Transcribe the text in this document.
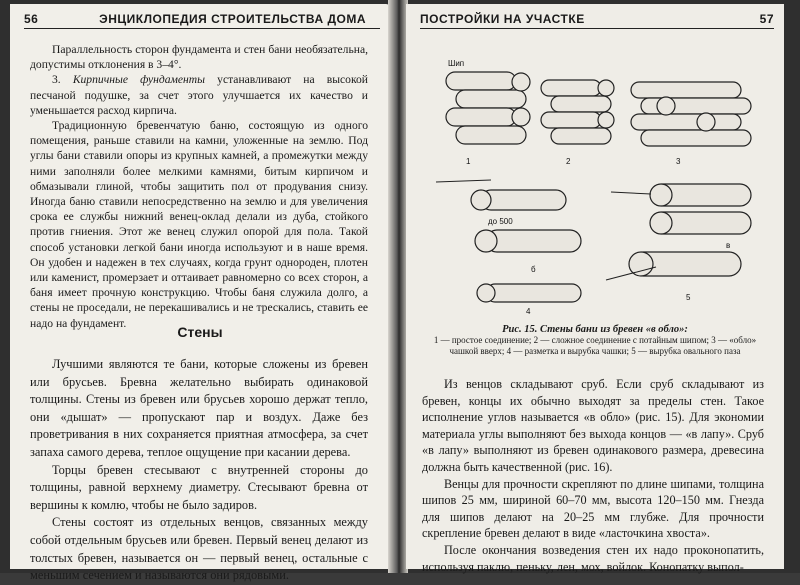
56	ЭНЦИКЛОПЕДИЯ СТРОИТЕЛЬСТВА ДОМА

Параллельность сторон фундамента и стен бани необязательна, допустимы отклонения в 3–4°.

3. Кирпичные фундаменты устанавливают на высокой песчаной подушке, за счет этого улучшается их качество и уменьшается расход кирпича.

Традиционную бревенчатую баню, состоящую из одного помещения, раньше ставили на камни, уложенные на землю. Под углы бани ставили опоры из крупных камней, а промежутки между ними заполняли более мелкими камнями, битым кирпичом и обмазывали глиной, чтобы защитить пол от продувания снизу. Иногда баню ставили непосредственно на землю и для увеличения срока ее службы нижний венец-оклад делали из дуба, стойкого против гниения. Этот же венец служил опорой для пола. Такой способ установки легкой бани иногда используют и в наше время. Он удобен и надежен в тех случаях, когда грунт однороден, плотен или каменист, промерзает и оттаивает равномерно со всех сторон, а баня имеет прочную конструкцию. Чтобы баня служила долго, а стены не проседали, не перекашивались и не трескались, ставить ее надо на фундамент.

Стены

Лучшими являются те бани, которые сложены из бревен или брусьев. Бревна желательно выбирать одинаковой толщины. Стены из бревен или брусьев хорошо держат тепло, они «дышат» — пропускают пар и воздух. Даже без проветривания в них сохраняется приятная атмосфера, за счет запаха самого дерева, теплое ощущение при касании дерева.

Торцы бревен стесывают с внутренней стороны до толщины, равной верхнему диаметру. Стесывают бревна от вершины к комлю, чтобы не было задиров.

Стены состоят из отдельных венцов, связанных между собой отдельным брусьев или бревен. Первый венец делают из толстых бревен, называется он — первый венец, остальные с меньшим сечением и называются они рядовыми.

ПОСТРОЙКИ НА УЧАСТКЕ	57
Шип
1	2	3
до 500
4
5
б
в
Рис. 15. Стены бани из бревен «в обло»:
1 — простое соединение; 2 — сложное соединение с потайным шипом; 3 — «обло» чашкой вверх; 4 — разметка и вырубка чашки; 5 — вырубка овального паза

Из венцов складывают сруб. Если сруб складывают из бревен, концы их обычно выходят за пределы стен. Такое исполнение углов называется «в обло» (рис. 15). Для экономии материала углы выполняют без выхода концов — «в лапу». Сруб «в лапу» выполняют из бревен одинакового размера, древесина должна быть качественной (рис. 16).

Венцы для прочности скрепляют по длине шипами, толщина шипов 25 мм, шириной 60–70 мм, высота 120–150 мм. Гнезда для шипов делают на 20–25 мм глубже. Для прочности скрепление бревен делают в виде «ласточкина хвоста».

После окончания возведения стен их надо проконопатить, используя паклю, пеньку, лен, мох, войлок. Конопатку выпол-
